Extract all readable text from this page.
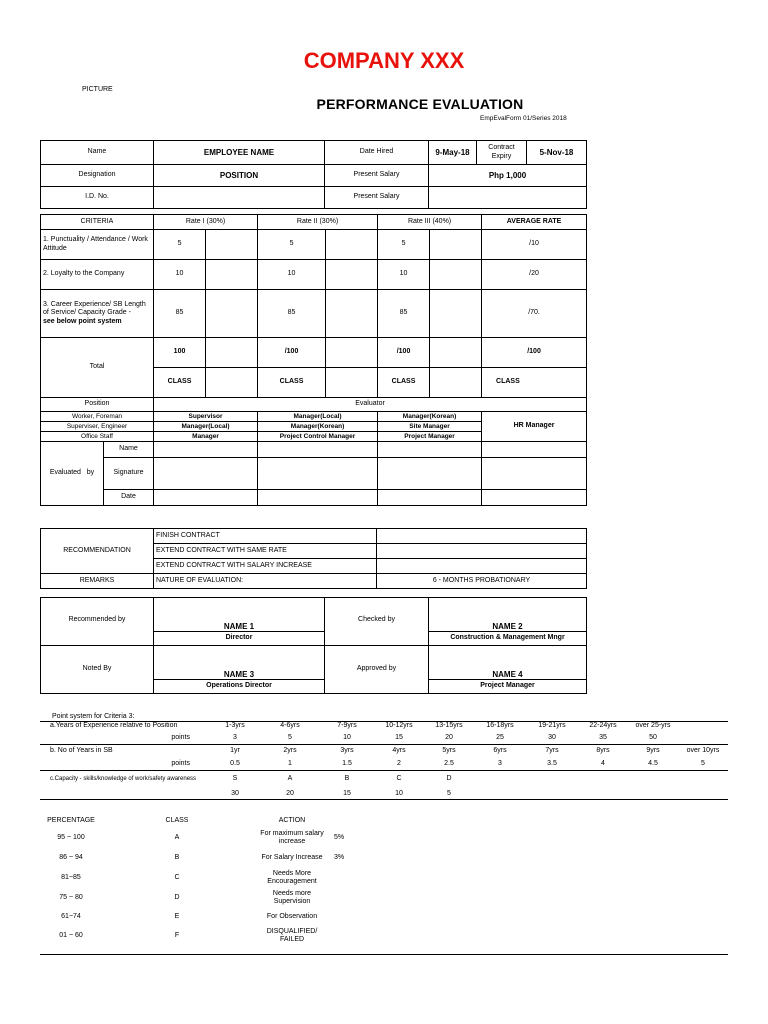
COMPANY XXX
PICTURE
PERFORMANCE EVALUATION
EmpEvalForm 01/Series 2018
Name	EMPLOYEE NAME	Date Hired	9-May-18	Contract Expiry	5-Nov-18
Designation	POSITION	Present Salary	Php 1,000		
I.D. No.		Present Salary			
CRITERIA		Rate I (30%)		Rate II (30%)		Rate III (40%)		AVERAGE RATE
1. Punctuality / Attendance / Work Attitude		5		5		5		/10
2. Loyalty to the Company		10		10		10		/20
3. Career Experience/ SB Length of Service/ Capacity Grade -
see below point system		85		85		85		/70.
Total		100		/100		/100		/100
		CLASS		CLASS		CLASS		CLASS
Position		Evaluator						
Worker, Foreman		Supervisor		Manager(Local)		Manager(Korean)		HR Manager
Superviser, Engineer		Manager(Local)		Manager(Korean)		Site Manager		
Office Staff		Manager		Project Control Manager		Project Manager		
Evaluated   by	Name							
	Signature							
	Date							
RECOMMENDATION	FINISH CONTRACT	
	EXTEND CONTRACT WITH SAME RATE	
	EXTEND CONTRACT WITH SALARY INCREASE	
REMARKS	NATURE OF EVALUATION:	6 - MONTHS PROBATIONARY
Recommended by	NAME 1	Checked by	NAME 2
	Director		Construction & Management Mngr
Noted By	NAME 3	Approved by	NAME 4
	Operations Director		Project Manager
Point system for Criteria 3:
a.Years of Experience relative to Position	1-3yrs	4-6yrs	7-9yrs	10-12yrs	13-15yrs	16-18yrs	19-21yrs	22-24yrs	over 25-yrs	
points	3	5	10	15	20	25	30	35	50	
b. No of Years in SB	1yr	2yrs	3yrs	4yrs	5yrs	6yrs	7yrs	8yrs	9yrs	over 10yrs
points	0.5	1	1.5	2	2.5	3	3.5	4	4.5	5
c.Capacity - skills/knowledge of work/safety awareness	S	A	B	C	D					
	30	20	15	10	5					
PERCENTAGE	CLASS	ACTION	
95 ~ 100	A	For maximum salary increase	5%
86 ~ 94	B	For Salary Increase	3%
81~85	C	Needs More Encouragement	
75 ~ 80	D	Needs more Supervision	
61~74	E	For Observation	
01 ~ 60	F	DISQUALIFIED/ FAILED	
